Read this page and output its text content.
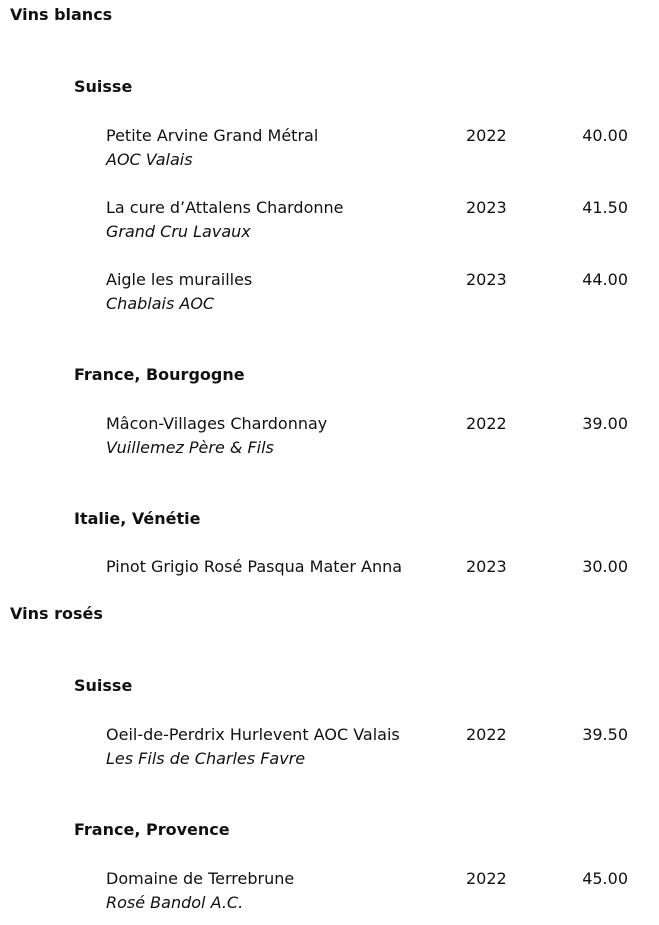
Vins blancs
Suisse
Petite Arvine Grand Métral
AOC Valais
2022	40.00
La cure d’Attalens Chardonne
Grand Cru Lavaux
2023	41.50
Aigle les murailles
Chablais AOC
2023	44.00
France, Bourgogne
Mâcon-Villages Chardonnay
Vuillemez Père & Fils
2022	39.00
Italie, Vénétie
Pinot Grigio Rosé Pasqua Mater Anna	2023	30.00
Vins rosés
Suisse
Oeil-de-Perdrix Hurlevent AOC Valais
Les Fils de Charles Favre
2022	39.50
France, Provence
Domaine de Terrebrune
Rosé Bandol A.C.
2022	45.00
